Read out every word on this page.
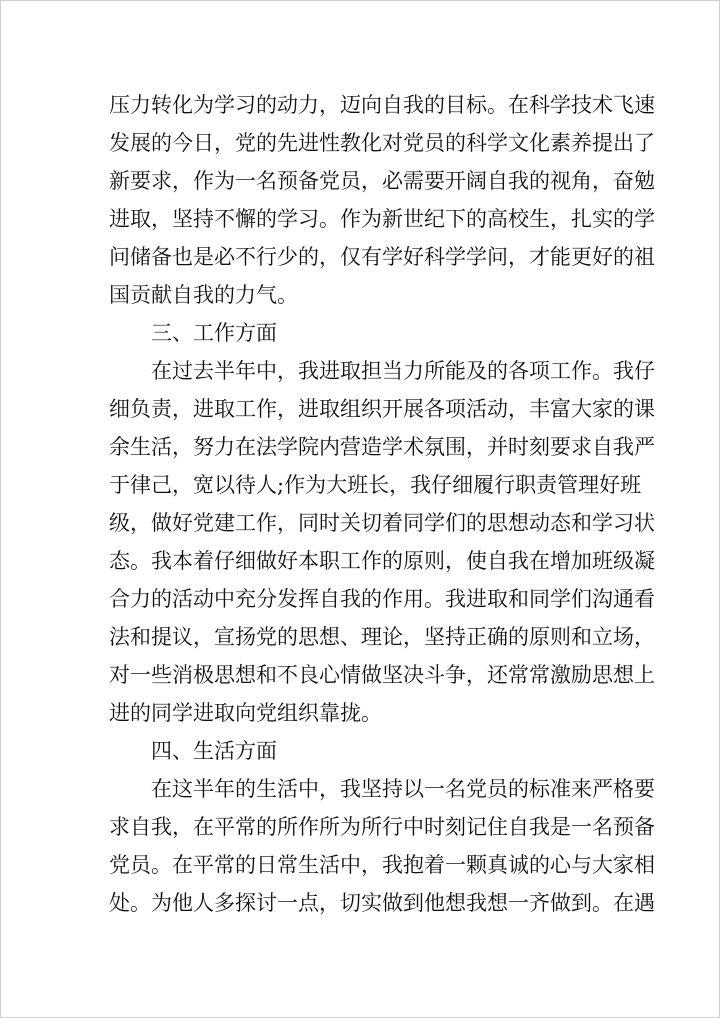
压力转化为学习的动力，迈向自我的目标。在科学技术飞速
发展的今日，党的先进性教化对党员的科学文化素养提出了
新要求，作为一名预备党员，必需要开阔自我的视角，奋勉
进取，坚持不懈的学习。作为新世纪下的高校生，扎实的学
问储备也是必不行少的，仅有学好科学学问，才能更好的祖
国贡献自我的力气。
三、工作方面
在过去半年中，我进取担当力所能及的各项工作。我仔
细负责，进取工作，进取组织开展各项活动，丰富大家的课
余生活，努力在法学院内营造学术氛围，并时刻要求自我严
于律己，宽以待人;作为大班长，我仔细履行职责管理好班
级，做好党建工作，同时关切着同学们的思想动态和学习状
态。我本着仔细做好本职工作的原则，使自我在增加班级凝
合力的活动中充分发挥自我的作用。我进取和同学们沟通看
法和提议，宣扬党的思想、理论，坚持正确的原则和立场，
对一些消极思想和不良心情做坚决斗争，还常常激励思想上
进的同学进取向党组织靠拢。
四、生活方面
在这半年的生活中，我坚持以一名党员的标准来严格要
求自我，在平常的所作所为所行中时刻记住自我是一名预备
党员。在平常的日常生活中，我抱着一颗真诚的心与大家相
处。为他人多探讨一点，切实做到他想我想一齐做到。在遇
